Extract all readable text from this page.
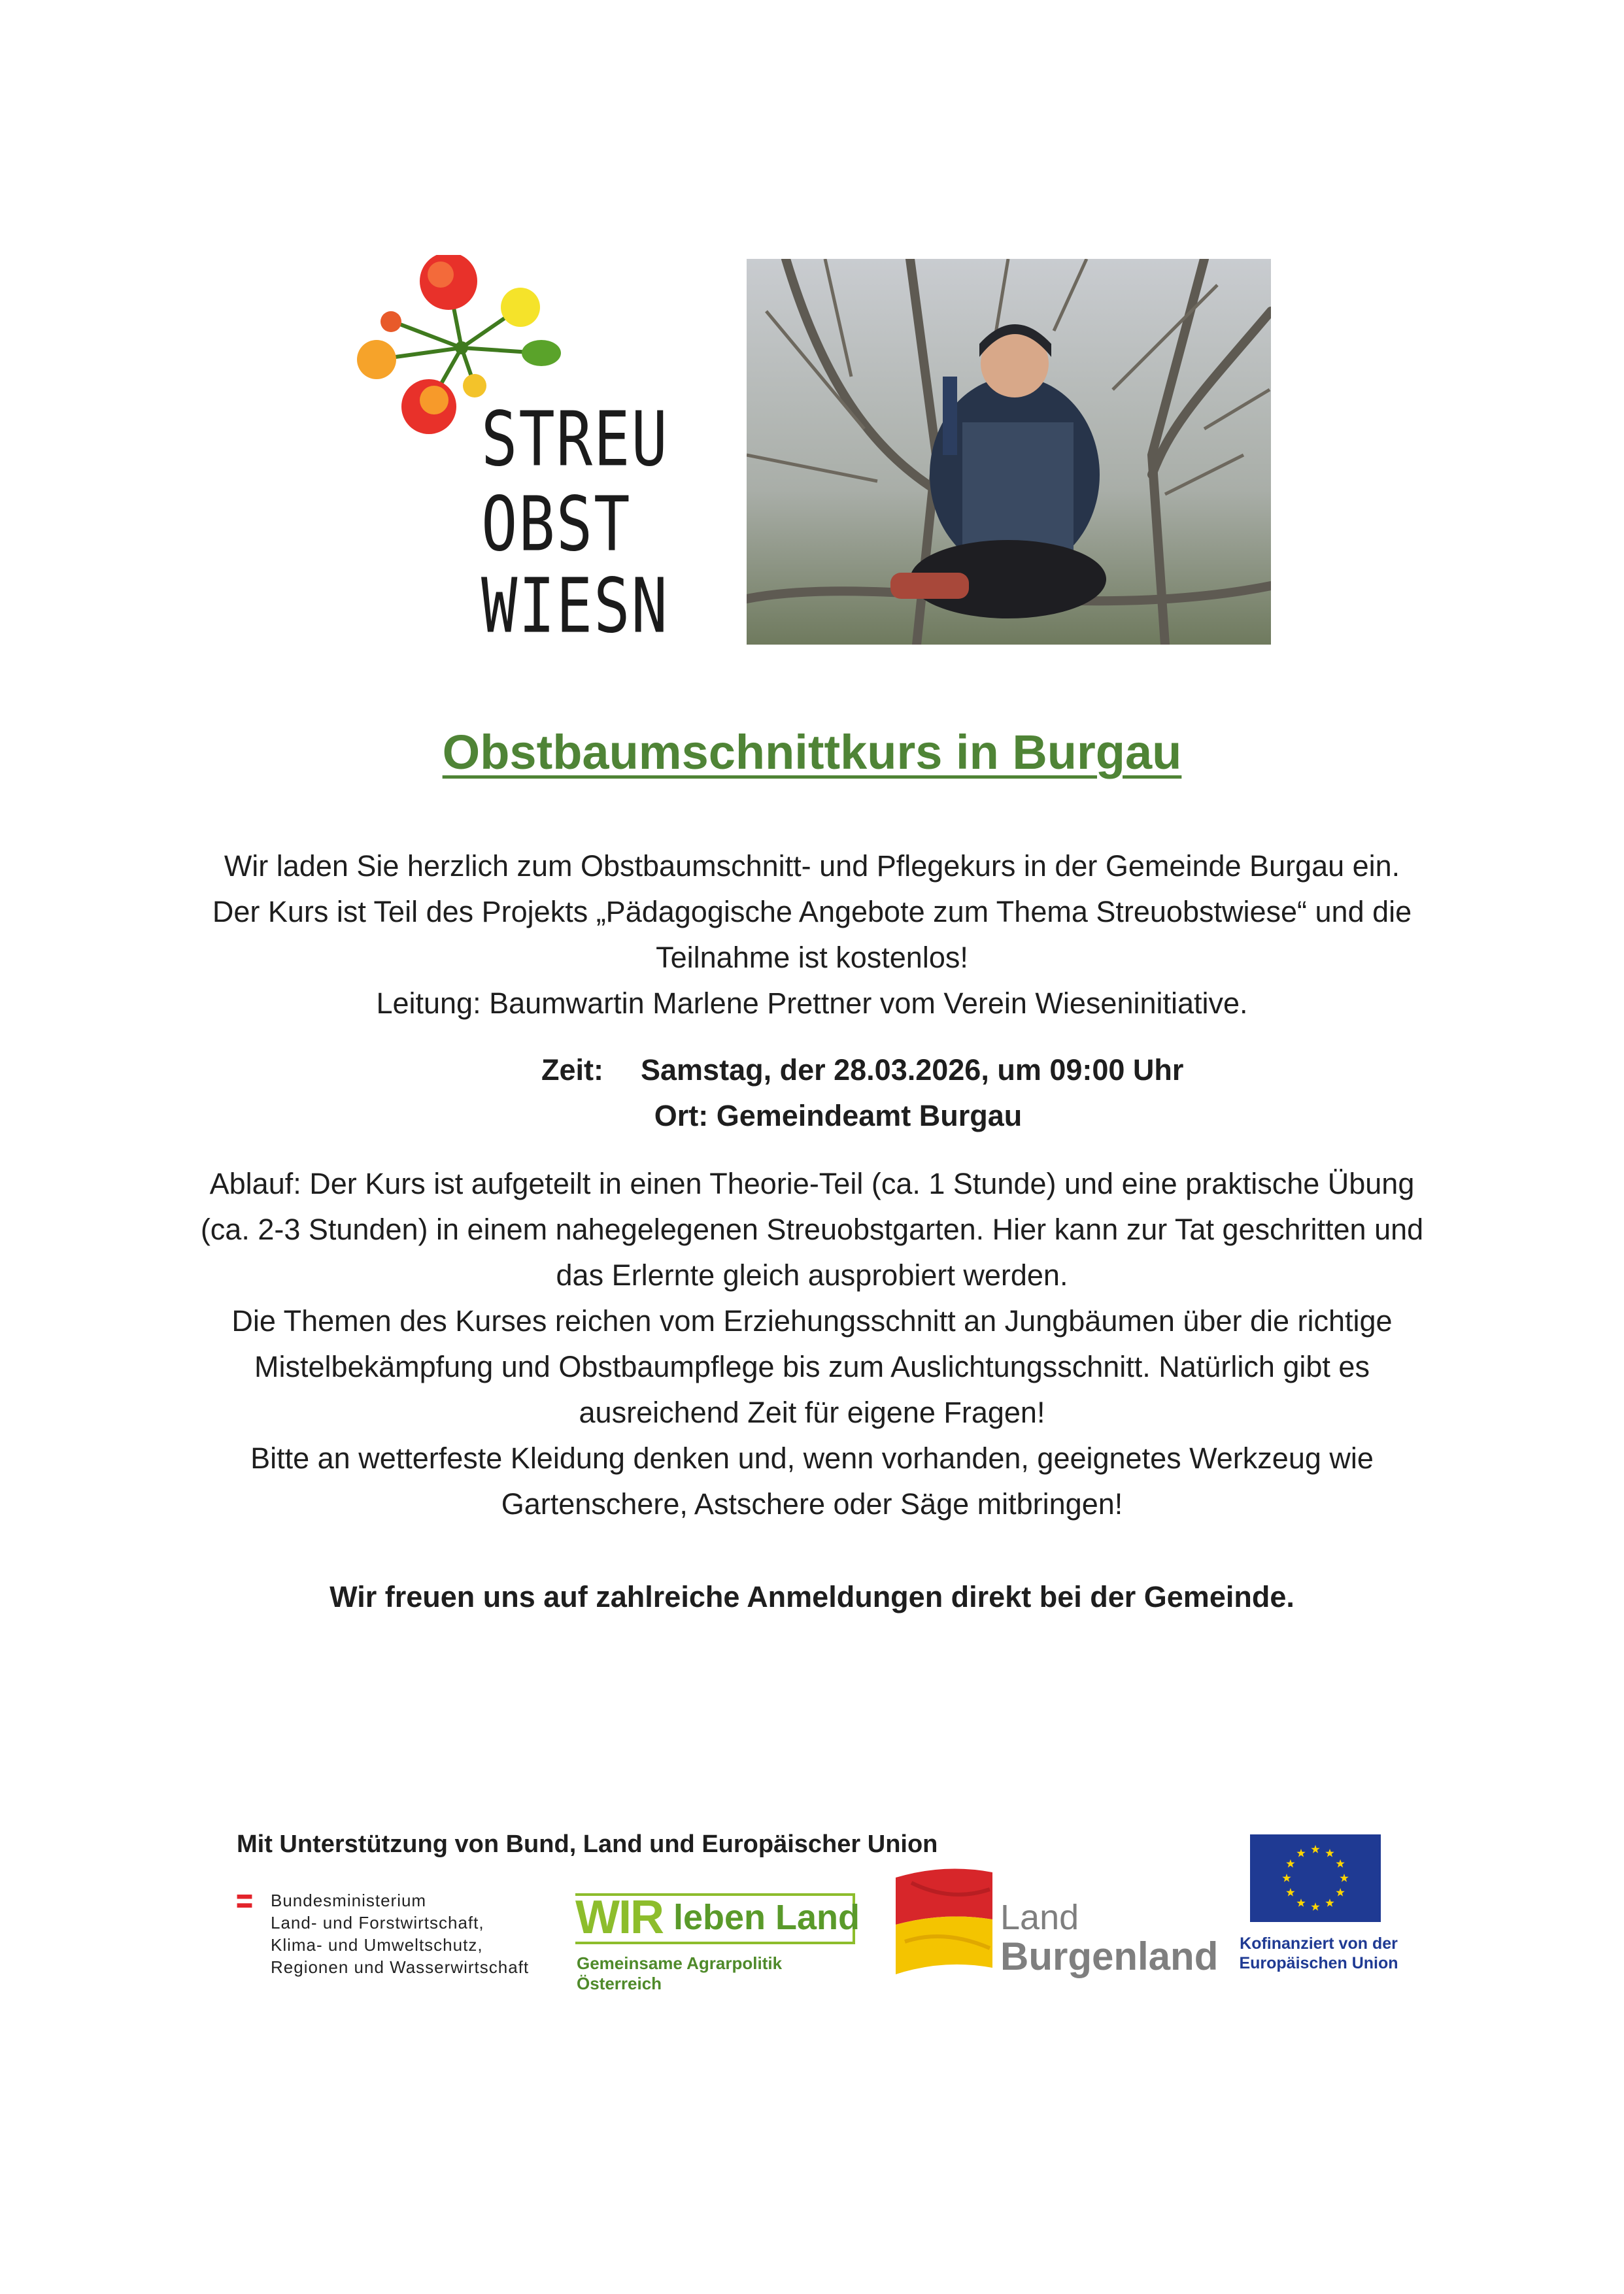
STREU
OBST
WIESN
Obstbaumschnittkurs in Burgau
Wir laden Sie herzlich zum Obstbaumschnitt- und Pflegekurs in der Gemeinde Burgau ein.
Der Kurs ist Teil des Projekts „Pädagogische Angebote zum Thema Streuobstwiese“ und die
Teilnahme ist kostenlos!
Leitung: Baumwartin Marlene Prettner vom Verein Wieseninitiative.
Zeit: Samstag, der 28.03.2026, um 09:00 Uhr
Ort: Gemeindeamt Burgau
Ablauf: Der Kurs ist aufgeteilt in einen Theorie-Teil (ca. 1 Stunde) und eine praktische Übung
(ca. 2-3 Stunden) in einem nahegelegenen Streuobstgarten. Hier kann zur Tat geschritten und
das Erlernte gleich ausprobiert werden.
Die Themen des Kurses reichen vom Erziehungsschnitt an Jungbäumen über die richtige
Mistelbekämpfung und Obstbaumpflege bis zum Auslichtungsschnitt. Natürlich gibt es
ausreichend Zeit für eigene Fragen!
Bitte an wetterfeste Kleidung denken und, wenn vorhanden, geeignetes Werkzeug wie
Gartenschere, Astschere oder Säge mitbringen!
Wir freuen uns auf zahlreiche Anmeldungen direkt bei der Gemeinde.
Mit Unterstützung von Bund, Land und Europäischer Union
Bundesministerium
Land- und Forstwirtschaft,
Klima- und Umweltschutz,
Regionen und Wasserwirtschaft
WIR leben Land
Gemeinsame Agrarpolitik Österreich
Land
Burgenland Kofinanziert von der
Europäischen Union
